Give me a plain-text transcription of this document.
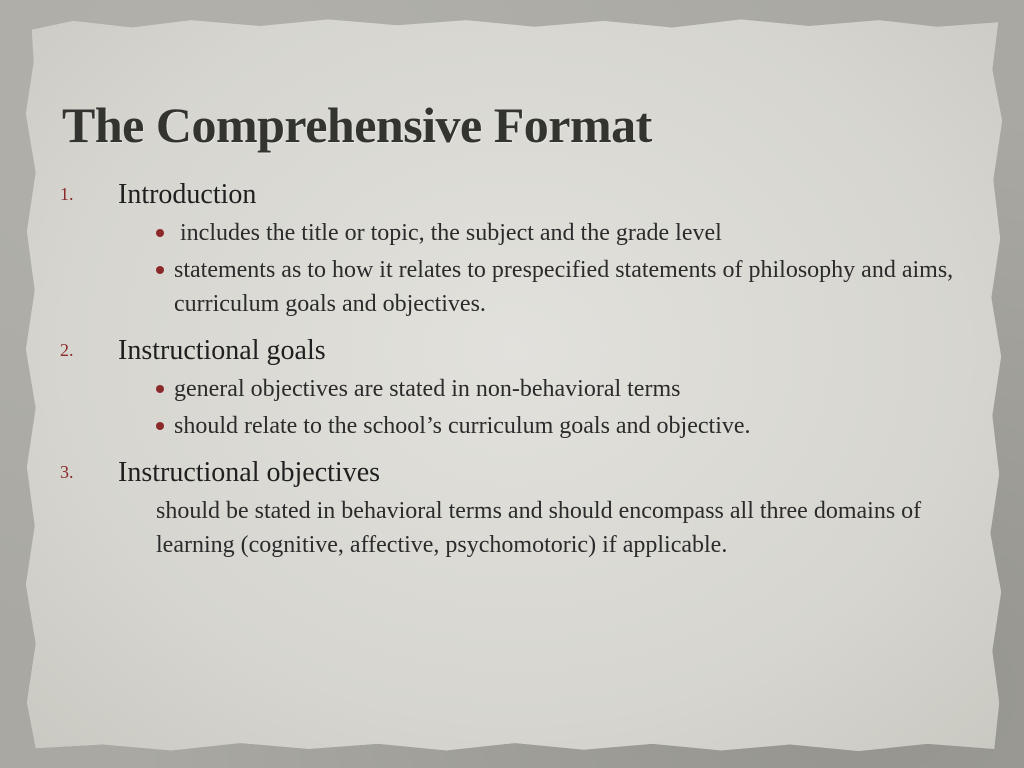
The Comprehensive Format
1. Introduction
includes the title or topic, the subject and the grade level
statements as to how it relates to prespecified statements of philosophy and aims, curriculum goals and objectives.
2. Instructional goals
general objectives are stated in non-behavioral terms
should relate to the school’s curriculum goals and objective.
3. Instructional objectives
should be stated in behavioral terms and should encompass all three domains of learning (cognitive, affective, psychomotoric) if applicable.
